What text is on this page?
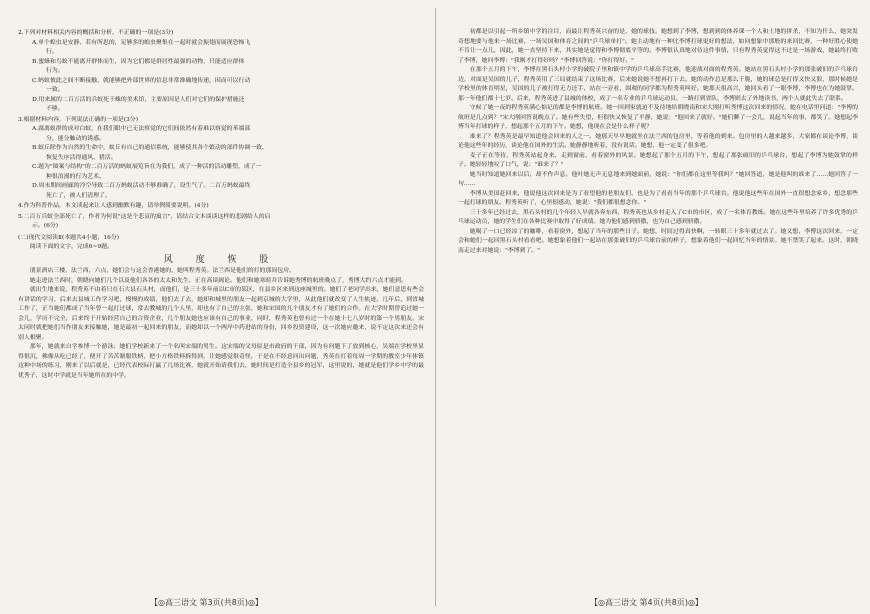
2.下列对材料相关内容的概括和分析，不正确的一项是(3分)

A.单个蝗虫是安静、若有所思的，足够多的蝗虫聚集在一起时就会振翅而展现恐怖飞

行。

B.蜜蜂和鸟蚁不能离开群体而生，因为它们都是群居性最强的动物，只能适应群体

行为。

C.蚂蚁彼此之间不断接触，就能够把外部世界的信息非常准确地传递，因而可以行动

一致。

D.用来属的二百万活的兵蚁死于蛛的美术馆，主要原因是人们对它们的保护措施还

不够。

3.根据材料内容，下列说法正确的一项是(3分)

A.腐离蚁群的成对白蚁，在我们眼中已无法察觉的它们间依然有着难以察觉的苯端部

分，能分触动的诱惑。

B.蚁丘除作为自然的生命中，蚁丘有自己的通信系统，能够使其各个繁动的部件协调一致，

恢复失序活得通风、猎活。

C.题为"图案与结构"的二百万活的蚂蚁展览旨在为我们，成了一种活的活动雕塑，成了一

种很浪漫的行为艺术。

D.周末期间画廊的冷空导致二百万蚂蚁活动不够准确了，设生气了。二百万蚂蚁最终

死亡了，被人们清理了。

4.作为科普作品，本文读起来让人感到幽默有趣，请举例简要说明。(4分)

5.二百万兵蚁全部死亡了，作者为何说"这是个悲哀的寓言"，请结合文本谈谈这样的悲剧给人的启

示。(6分)

(二)现代文阅读Ⅱ(本题共4小题，16分)

阅读下面的文字，完成6~9题。

风 度 恢 股

朋景酒店三楼，法兰西，六点，她们会与这会香港她的，她叫程秀英。法兰西是他们的打的那间包房。

她走进法兰西时，朝晓向她们几个以及他们各各的太太和先生，正在高谈阔论。他们和她寒暄并告诉她秀博的航班晚点了，秀博大约六点才能到。

就出生地来说，程秀英不由着只在石大县石头村，而他们，是三十多年前以C市的某区，在县乡区来到这座城里的。她们了老同学出来，她们意思有些会有讲话的学习，后来去县城工作学习吧，慢慢的成绩，他们去了去，她却和城里的朋友一起到京城的大学里，从此他们就改变了人生轨迹。几年后，到省城工作了，正当她们都成了当年曾一起打过球，常去教城的几个人里，却也有了自己的主张，她和宋国的几个朋友才有了她们的合作。在大学时期曾追过她一会儿，学历不完全，后来终于开始经营自己的合资企业，几个朋友她也应该有自己的事业，同时，程秀英也曾有过一个在她十七八岁时的第一个男朋友。宋太同时就把她们当作朋友来接触她，她是最初一起回来的朋友，而她却以一个两岸中药进站的身份，回乡投资建设，这一次她应邀来，说不定这次来还会有别人相聚。

那年，她就来自学参博一个游泳；她们学校新来了一个名叫宋端的男生。这宋端的父母原是市政府的干部，因为有问题下了放到核心，吴端在学校里显得很沉，佛像从吃已经了，便开了苦苦制服铁柄，把小方格铁料拆得到，让她感觉很奇怪，于是在不经意问出问题，秀英在打着每周一学期的教室少年体镇这种中场的练习，刚来了以后就是，已经代表校际打赢了几场比赛，她就开始请我们去，她时间是打造全县乡的冠军，这里说的，她就是他们学乡中学的最优秀子，这时中学就是当年她所在的中学。

初都是以引起一所乡镇中学的注目，而最让程秀英兴奋的是，她的球技。她想到了李博，想到到的体养课一个人和土地的拼杀，不知为什么，她突发奇想地要与他来一场比赛，一场吴国和体育之间的"乒乓球单打"。她主动地有一种比李博打球更好的想法，如同想象中那般的来回比赛，一种好胜心使她不肯让一点儿，因此，她一直坚持下来，其实她是觉得和李博彻底平等的。李博很认真地对待这件事情，只有程秀英觉得这不过是一场游戏，她最终打败了李博，她问李博："我刚才打得好吗？"李博回答说："你打得好。"

在那个五月的下午，李博在黑石头村小学的破院子里和镇中学的乒乓球高手比赛，他迎战对面的程秀英。她站在黑石头村小学的那张破旧的乒乓球台边，对面是吴国的儿子，程秀英用了三局就结束了这场比赛，后来她说她不想再打下去。她的动作总是那么干脆，她的球总是打得又快又狠，那时候她是学校里的体育明星，吴国的儿子被打得无力还手，站在一旁看，围观的同学都为程秀英叫好。她那天很高兴，她回头看了一眼李博，李博也在为她鼓掌。那一年他们都十七岁。后来，程秀英进了县城的体校，成了一名专业的乒乓球运动员，一路打到省队，李博则去了外地读书，两个人就此失去了联系。

守候了她一夜的程秀英满心惦记的都是李博的航班。她一回到家就迫不及待地给朝晓南和宋大刚打听秀博这次回来的情况，她在电话里问道："李博的航班是几点到？"宋大刚回答说晚点了。她有些失望，但很快又恢复了平静，她说："他回来了就好。"她们聊了一会儿，说起当年的事，都笑了。她想起李博当年打球的样子，想起那个五月的下午。她想，他现在会是什么样子呢？

谁来了？程秀英是最早知道他会回来的人之一。她那天早早地就坐在法兰西的包房里，等着他的到来。包房里的人越来越多，大家都在谈论李博，谈论他这些年的经历，谈论他在国外的生活。她静静地听着，没有说话。她想，他一定变了很多吧。

麦子正在等待，程秀英站起身来，走到窗前，看着窗外的风景。她想起了那个五月的下午，想起了那张破旧的乒乓球台，想起了李博为她鼓掌的样子。她轻轻地叹了口气，说："谁来了？"

她当时知道她回来以后，却不作声息。他叶她无声无息地来到她面前，她说："你们都在这里等我吗？"她回答道，她是他叫的谁来了……她回答了一句……

李博从美国赶回来，他说他这次回来是为了看望他的老朋友们，也是为了看看当年的那个乒乓球台。他说他这些年在国外一直很想念家乡，想念那些一起打球的朋友。程秀英听了，心里很感动，她说："我们都很想念你。"

三十多年已经过去，黑石头村的几个年轻人早就各奔东西，程秀英也从乡村走入了C市的市区，成了一名体育教练。她在这些年里培养了许多优秀的乒乓球运动员，她的学生们在各种比赛中取得了好成绩。她为他们感到骄傲，也为自己感到骄傲。

她喝了一口已经凉了的咖啡，看着窗外，想起了当年的那些日子。她想，时间过得真快啊，一转眼三十多年就过去了。她又想，李博这次回来，一定会和她们一起回黑石头村看看吧。她想象着他们一起站在那张破旧的乒乓球台前的样子，想象着他们一起回忆当年的情景。她不禁笑了起来。这时，朝晓南走过来对她说："李博到了。"

【◎高三语文 第3页(共8页)◎】	【◎高三语文 第4页(共8页)◎】
